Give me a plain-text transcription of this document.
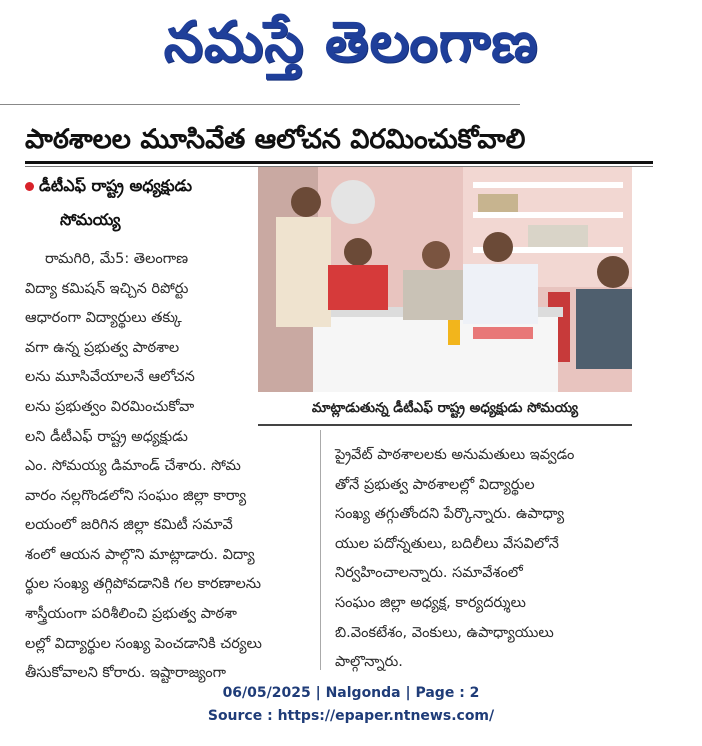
నమస్తే తెలంగాణ
పాఠశాలల మూసివేత ఆలోచన విరమించుకోవాలి
డీటీఎఫ్ రాష్ట్ర అధ్యక్షుడు
సోమయ్య
రామగిరి, మే5: తెలంగాణ
విద్యా కమిషన్ ఇచ్చిన రిపోర్టు
ఆధారంగా విద్యార్థులు తక్కు
వగా ఉన్న ప్రభుత్వ పాఠశాల
లను మూసివేయాలనే ఆలోచన
లను ప్రభుత్వం విరమించుకోవా
లని డీటీఎఫ్ రాష్ట్ర అధ్యక్షుడు
ఎం. సోమయ్య డిమాండ్ చేశారు. సోమ
వారం నల్లగొండలోని సంఘం జిల్లా కార్యా
లయంలో జరిగిన జిల్లా కమిటీ సమావే
శంలో ఆయన పాల్గొని మాట్లాడారు. విద్యా
ర్థుల సంఖ్య తగ్గిపోవడానికి గల కారణాలను
శాస్త్రీయంగా పరిశీలించి ప్రభుత్వ పాఠశా
లల్లో విద్యార్థుల సంఖ్య పెంచడానికి చర్యలు
తీసుకోవాలని కోరారు. ఇష్టారాజ్యంగా
మాట్లాడుతున్న డీటీఎఫ్ రాష్ట్ర అధ్యక్షుడు సోమయ్య
ప్రైవేట్ పాఠశాలలకు అనుమతులు ఇవ్వడం
తోనే ప్రభుత్వ పాఠశాలల్లో విద్యార్థుల
సంఖ్య తగ్గుతోందని పేర్కొన్నారు. ఉపాధ్యా
యుల పదోన్నతులు, బదిలీలు వేసవిలోనే
నిర్వహించాలన్నారు. సమావేశంలో
సంఘం జిల్లా అధ్యక్ష, కార్యదర్శులు
బి.వెంకటేశం, వెంకులు, ఉపాధ్యాయులు
పాల్గొన్నారు.
06/05/2025 | Nalgonda | Page : 2
Source : https://epaper.ntnews.com/
